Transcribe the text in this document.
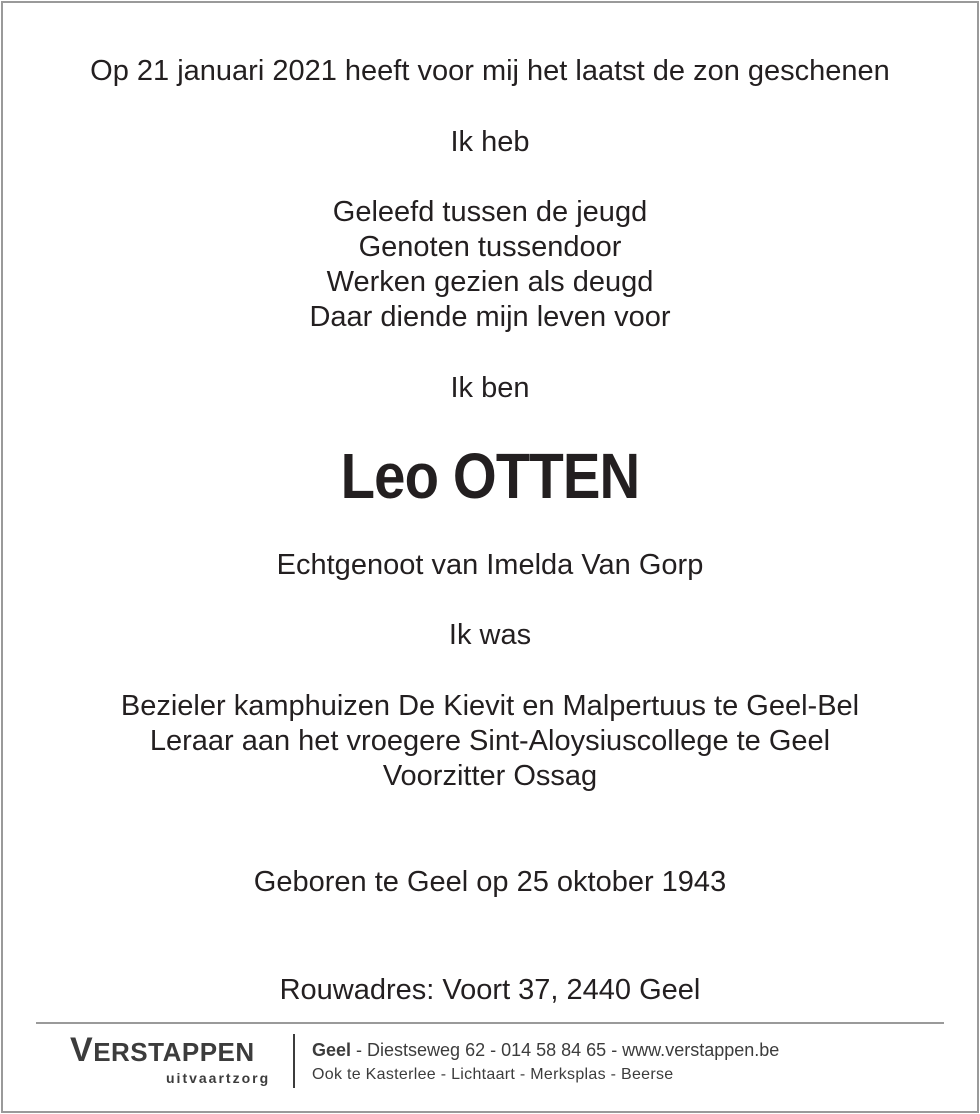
Op 21 januari 2021 heeft voor mij het laatst de zon geschenen
Ik heb
Geleefd tussen de jeugd
Genoten tussendoor
Werken gezien als deugd
Daar diende mijn leven voor
Ik ben
Leo OTTEN
Echtgenoot van Imelda Van Gorp
Ik was
Bezieler kamphuizen De Kievit en Malpertuus te Geel-Bel
Leraar aan het vroegere Sint-Aloysiuscollege te Geel
Voorzitter Ossag
Geboren te Geel op 25 oktober 1943
Rouwadres: Voort 37, 2440 Geel
VERSTAPPEN
uitvaartzorg
Geel - Diestseweg 62 - 014 58 84 65 - www.verstappen.be
Ook te Kasterlee - Lichtaart - Merksplas - Beerse
